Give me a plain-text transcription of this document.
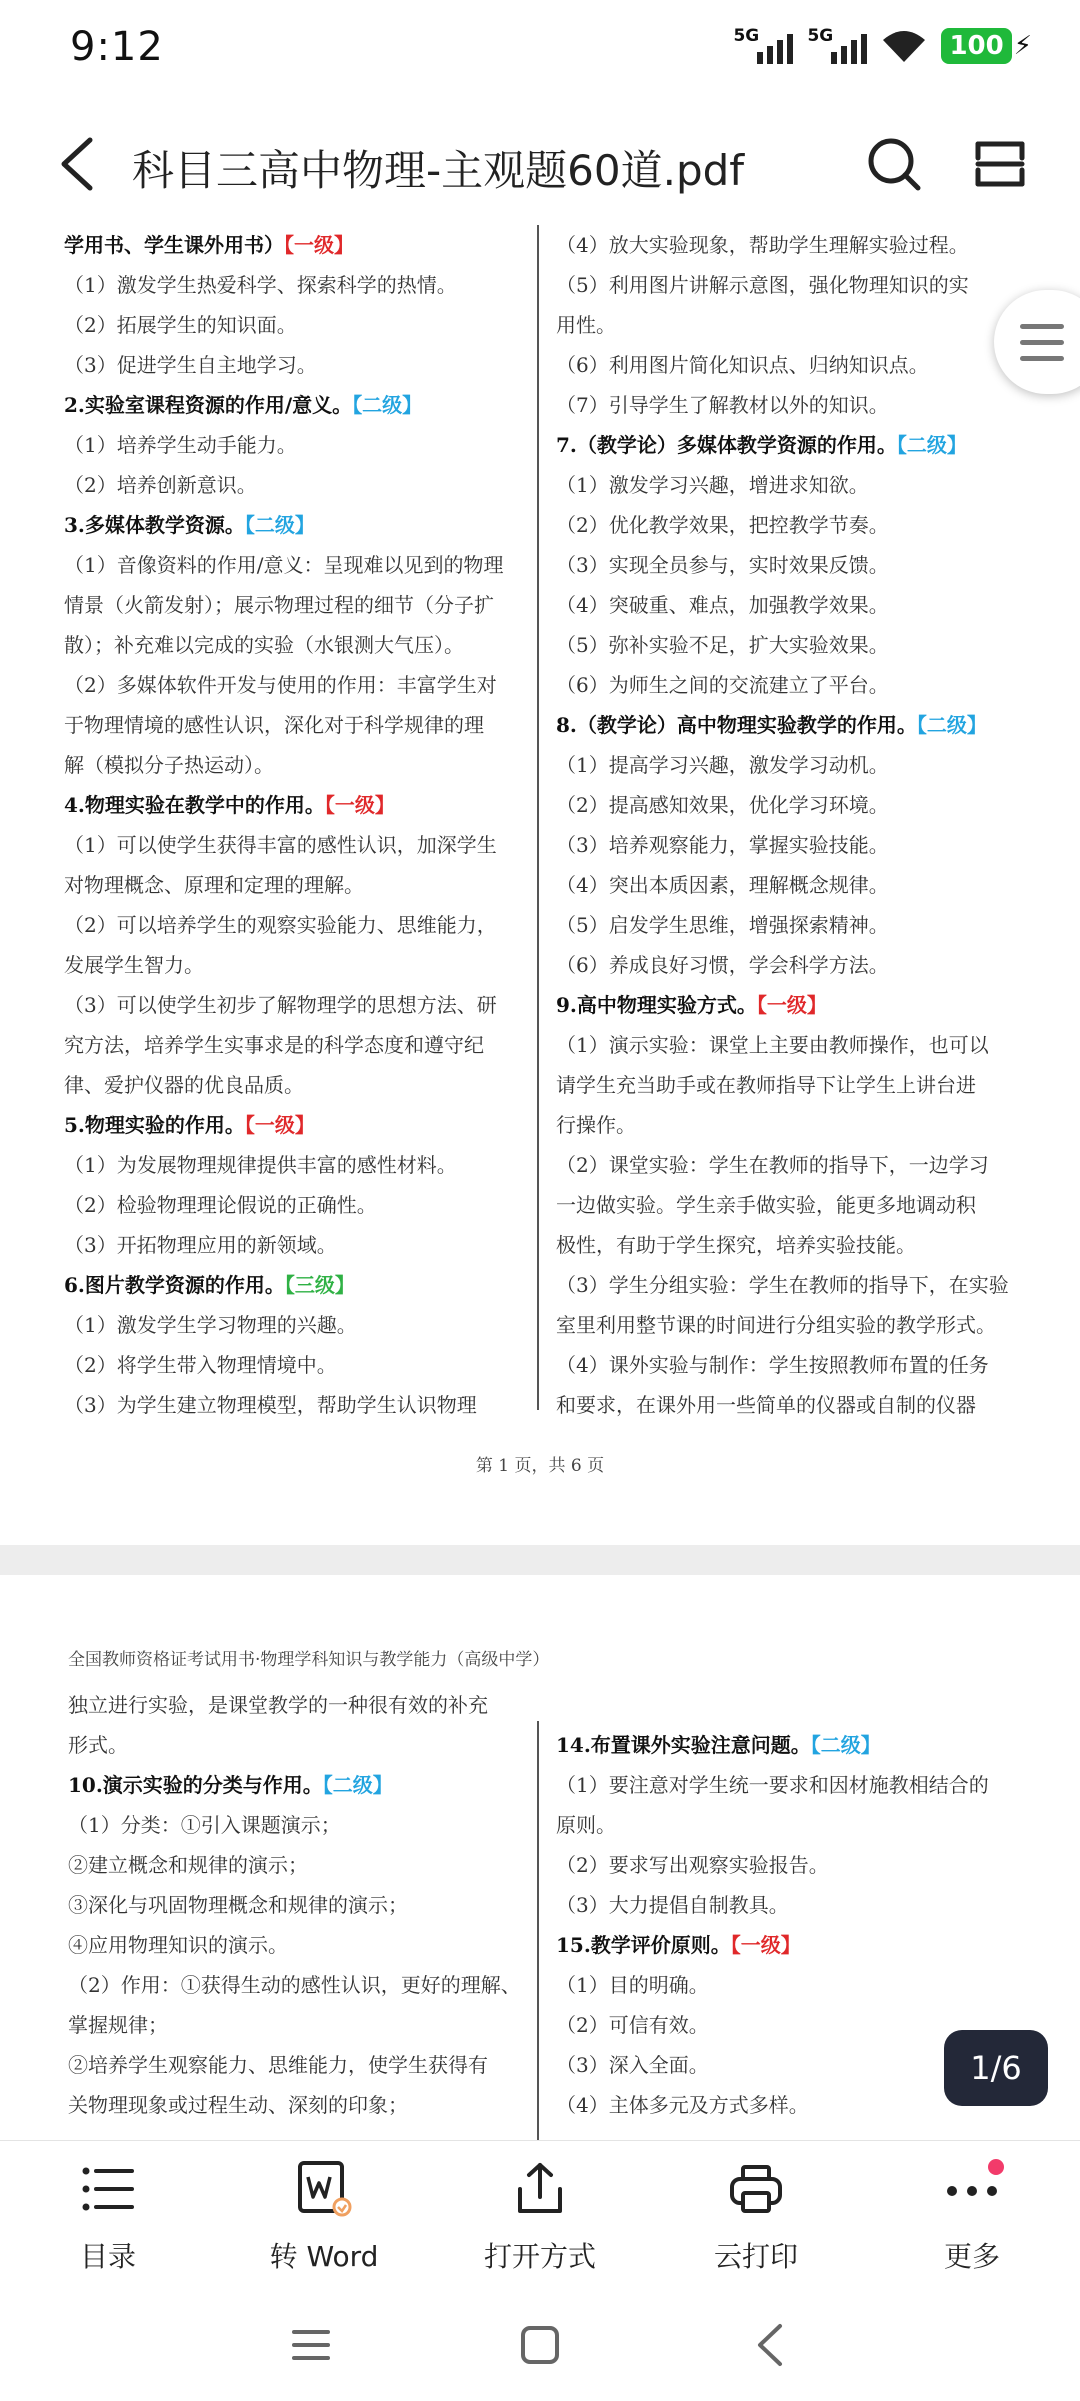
9:12	5G	5G	100 ⚡
科目三高中物理-主观题60道.pdf

学用书、学生课外用书）【一级】

（1）激发学生热爱科学、探索科学的热情。

（2）拓展学生的知识面。

（3）促进学生自主地学习。

2.实验室课程资源的作用/意义。【二级】

（1）培养学生动手能力。

（2）培养创新意识。

3.多媒体教学资源。【二级】

（1）音像资料的作用/意义：呈现难以见到的物理

情景（火箭发射）；展示物理过程的细节（分子扩

散）；补充难以完成的实验（水银测大气压）。

（2）多媒体软件开发与使用的作用：丰富学生对

于物理情境的感性认识，深化对于科学规律的理

解（模拟分子热运动）。

4.物理实验在教学中的作用。【一级】

（1）可以使学生获得丰富的感性认识，加深学生

对物理概念、原理和定理的理解。

（2）可以培养学生的观察实验能力、思维能力，

发展学生智力。

（3）可以使学生初步了解物理学的思想方法、研

究方法，培养学生实事求是的科学态度和遵守纪

律、爱护仪器的优良品质。

5.物理实验的作用。【一级】

（1）为发展物理规律提供丰富的感性材料。

（2）检验物理理论假说的正确性。

（3）开拓物理应用的新领域。

6.图片教学资源的作用。【三级】

（1）激发学生学习物理的兴趣。

（2）将学生带入物理情境中。

（3）为学生建立物理模型，帮助学生认识物理

（4）放大实验现象，帮助学生理解实验过程。

（5）利用图片讲解示意图，强化物理知识的实

用性。

（6）利用图片简化知识点、归纳知识点。

（7）引导学生了解教材以外的知识。

7.（教学论）多媒体教学资源的作用。【二级】

（1）激发学习兴趣，增进求知欲。

（2）优化教学效果，把控教学节奏。

（3）实现全员参与，实时效果反馈。

（4）突破重、难点，加强教学效果。

（5）弥补实验不足，扩大实验效果。

（6）为师生之间的交流建立了平台。

8.（教学论）高中物理实验教学的作用。【二级】

（1）提高学习兴趣，激发学习动机。

（2）提高感知效果，优化学习环境。

（3）培养观察能力，掌握实验技能。

（4）突出本质因素，理解概念规律。

（5）启发学生思维，增强探索精神。

（6）养成良好习惯，学会科学方法。

9.高中物理实验方式。【一级】

（1）演示实验：课堂上主要由教师操作，也可以

请学生充当助手或在教师指导下让学生上讲台进

行操作。

（2）课堂实验：学生在教师的指导下，一边学习

一边做实验。学生亲手做实验，能更多地调动积

极性，有助于学生探究，培养实验技能。

（3）学生分组实验：学生在教师的指导下，在实验

室里利用整节课的时间进行分组实验的教学形式。

（4）课外实验与制作：学生按照教师布置的任务

和要求，在课外用一些简单的仪器或自制的仪器

第 1 页，共 6 页
全国教师资格证考试用书·物理学科知识与教学能力（高级中学）

独立进行实验，是课堂教学的一种很有效的补充

形式。

10.演示实验的分类与作用。【二级】

（1）分类：①引入课题演示；

②建立概念和规律的演示；

③深化与巩固物理概念和规律的演示；

④应用物理知识的演示。

（2）作用：①获得生动的感性认识，更好的理解、

掌握规律；

②培养学生观察能力、思维能力，使学生获得有

关物理现象或过程生动、深刻的印象；

14.布置课外实验注意问题。【二级】

（1）要注意对学生统一要求和因材施教相结合的

原则。

（2）要求写出观察实验报告。

（3）大力提倡自制教具。

15.教学评价原则。【一级】

（1）目的明确。

（2）可信有效。

（3）深入全面。

（4）主体多元及方式多样。

1/6
目录	转 Word	打开方式	云打印	更多
